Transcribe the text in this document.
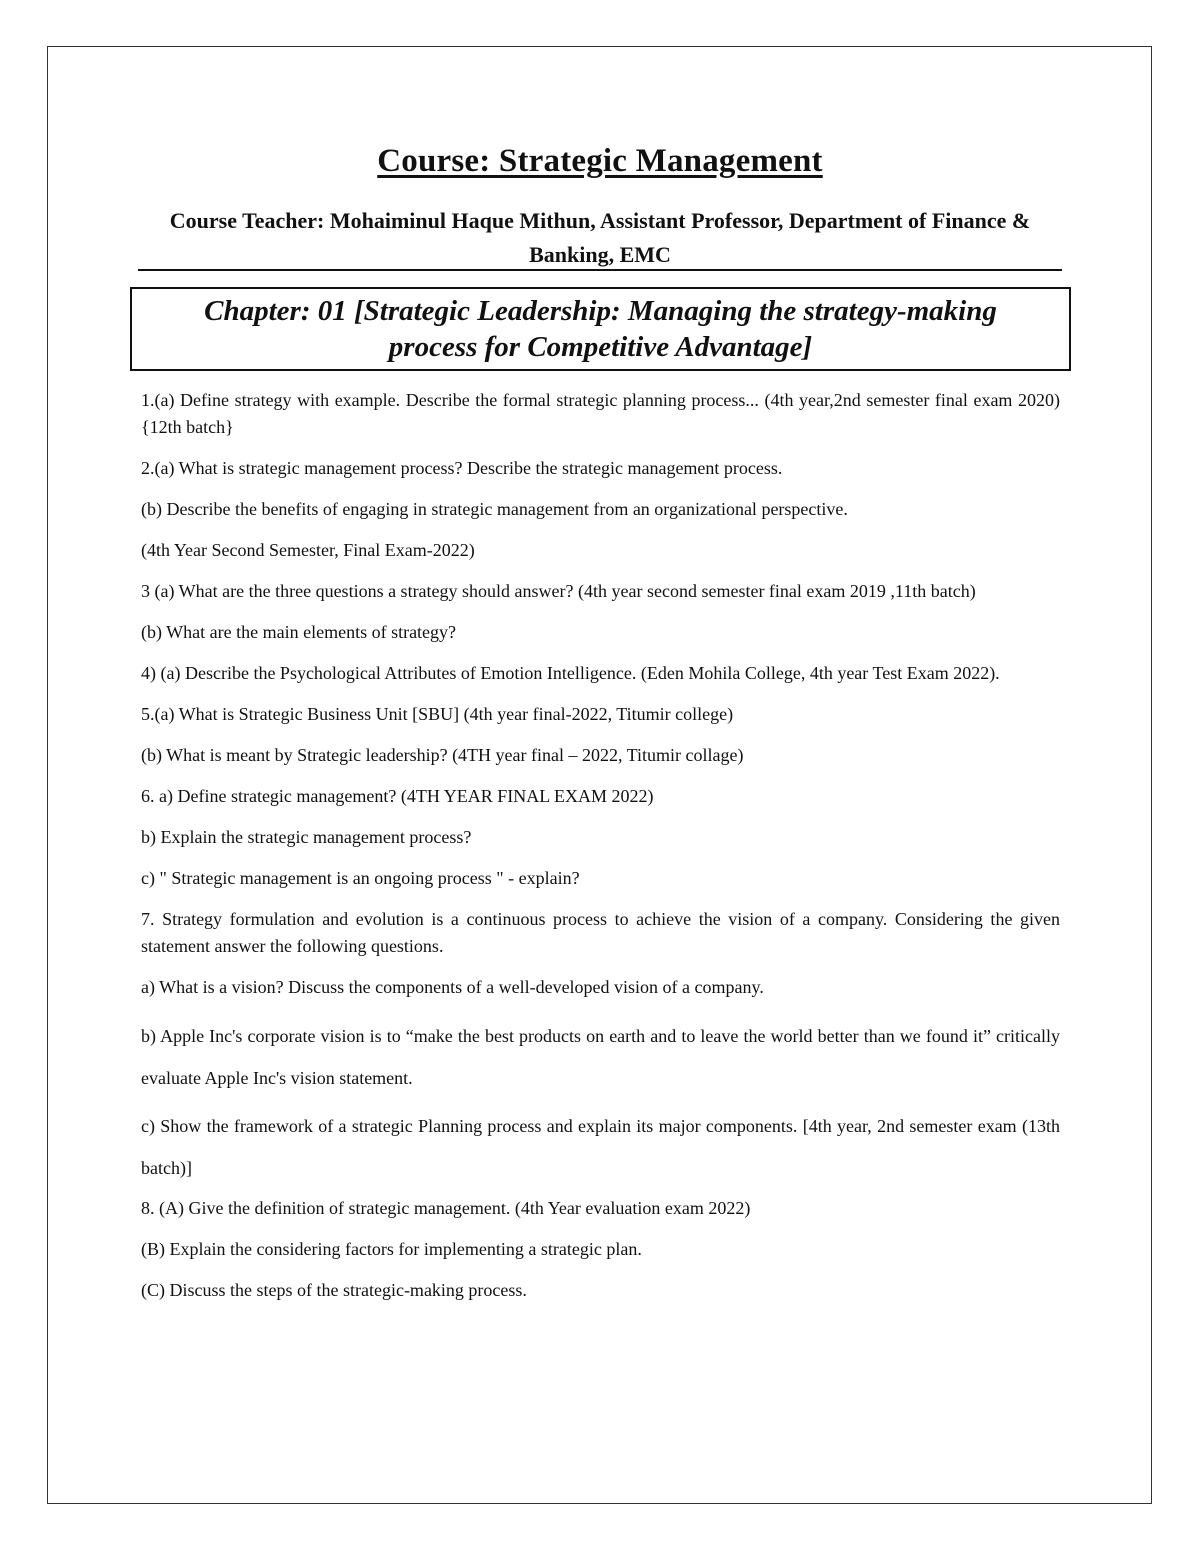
Course: Strategic Management
Course Teacher: Mohaiminul Haque Mithun, Assistant Professor, Department of Finance & Banking, EMC
Chapter: 01 [Strategic Leadership: Managing the strategy-making process for Competitive Advantage]

1.(a) Define strategy with example. Describe the formal strategic planning process... (4th year,2nd semester final exam 2020) {12th batch}

2.(a) What is strategic management process? Describe the strategic management process.

(b) Describe the benefits of engaging in strategic management from an organizational perspective.

(4th Year Second Semester, Final Exam-2022)

3 (a) What are the three questions a strategy should answer? (4th year second semester final exam 2019 ,11th batch)

(b) What are the main elements of strategy?

4) (a) Describe the Psychological Attributes of Emotion Intelligence. (Eden Mohila College, 4th year Test Exam 2022).

5.(a) What is Strategic Business Unit [SBU] (4th year final-2022, Titumir college)

(b) What is meant by Strategic leadership? (4TH year final – 2022, Titumir collage)

6. a) Define strategic management? (4TH YEAR FINAL EXAM 2022)

b) Explain the strategic management process?

c) " Strategic management is an ongoing process " - explain?

7. Strategy formulation and evolution is a continuous process to achieve the vision of a company. Considering the given statement answer the following questions.

a) What is a vision? Discuss the components of a well-developed vision of a company.

b) Apple Inc's corporate vision is to “make the best products on earth and to leave the world better than we found it” critically evaluate Apple Inc's vision statement.

c) Show the framework of a strategic Planning process and explain its major components. [4th year, 2nd semester exam (13th batch)]

8. (A) Give the definition of strategic management. (4th Year evaluation exam 2022)

(B) Explain the considering factors for implementing a strategic plan.

(C) Discuss the steps of the strategic-making process.
